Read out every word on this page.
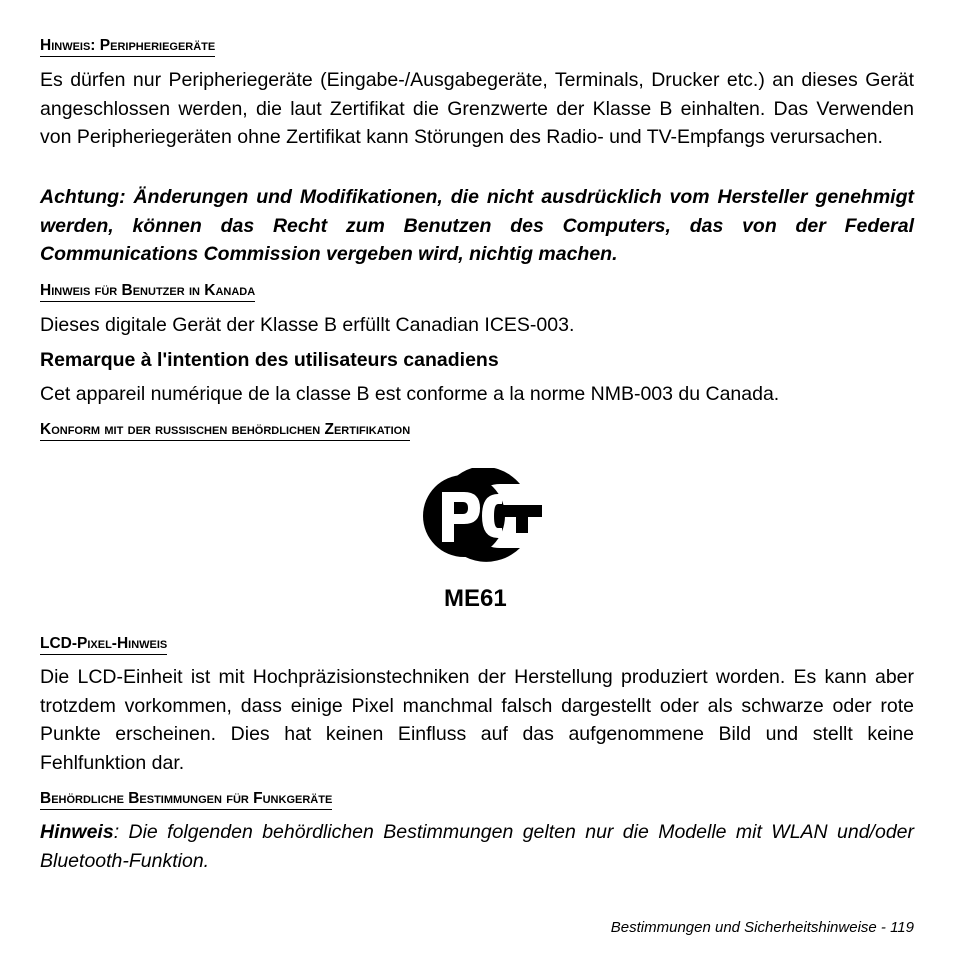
Hinweis: Peripheriegeräte

Es dürfen nur Peripheriegeräte (Eingabe-/Ausgabegeräte, Terminals, Drucker etc.) an dieses Gerät angeschlossen werden, die laut Zertifikat die Grenzwerte der Klasse B einhalten. Das Verwenden von Peripheriegeräten ohne Zertifikat kann Störungen des Radio- und TV-Empfangs verursachen.

Achtung: Änderungen und Modifikationen, die nicht ausdrücklich vom Hersteller genehmigt werden, können das Recht zum Benutzen des Computers, das von der Federal Communications Commission vergeben wird, nichtig machen.

Hinweis für Benutzer in Kanada

Dieses digitale Gerät der Klasse B erfüllt Canadian ICES-003.

Remarque à l'intention des utilisateurs canadiens

Cet appareil numérique de la classe B est conforme a la norme NMB-003 du Canada.

Konform mit der russischen behördlichen Zertifikation
ME61
LCD-Pixel-Hinweis

Die LCD-Einheit ist mit Hochpräzisionstechniken der Herstellung produziert worden. Es kann aber trotzdem vorkommen, dass einige Pixel manchmal falsch dargestellt oder als schwarze oder rote Punkte erscheinen. Dies hat keinen Einfluss auf das aufgenommene Bild und stellt keine Fehlfunktion dar.

Behördliche Bestimmungen für Funkgeräte

Hinweis: Die folgenden behördlichen Bestimmungen gelten nur die Modelle mit WLAN und/oder Bluetooth-Funktion.

Bestimmungen und Sicherheitshinweise - 119
